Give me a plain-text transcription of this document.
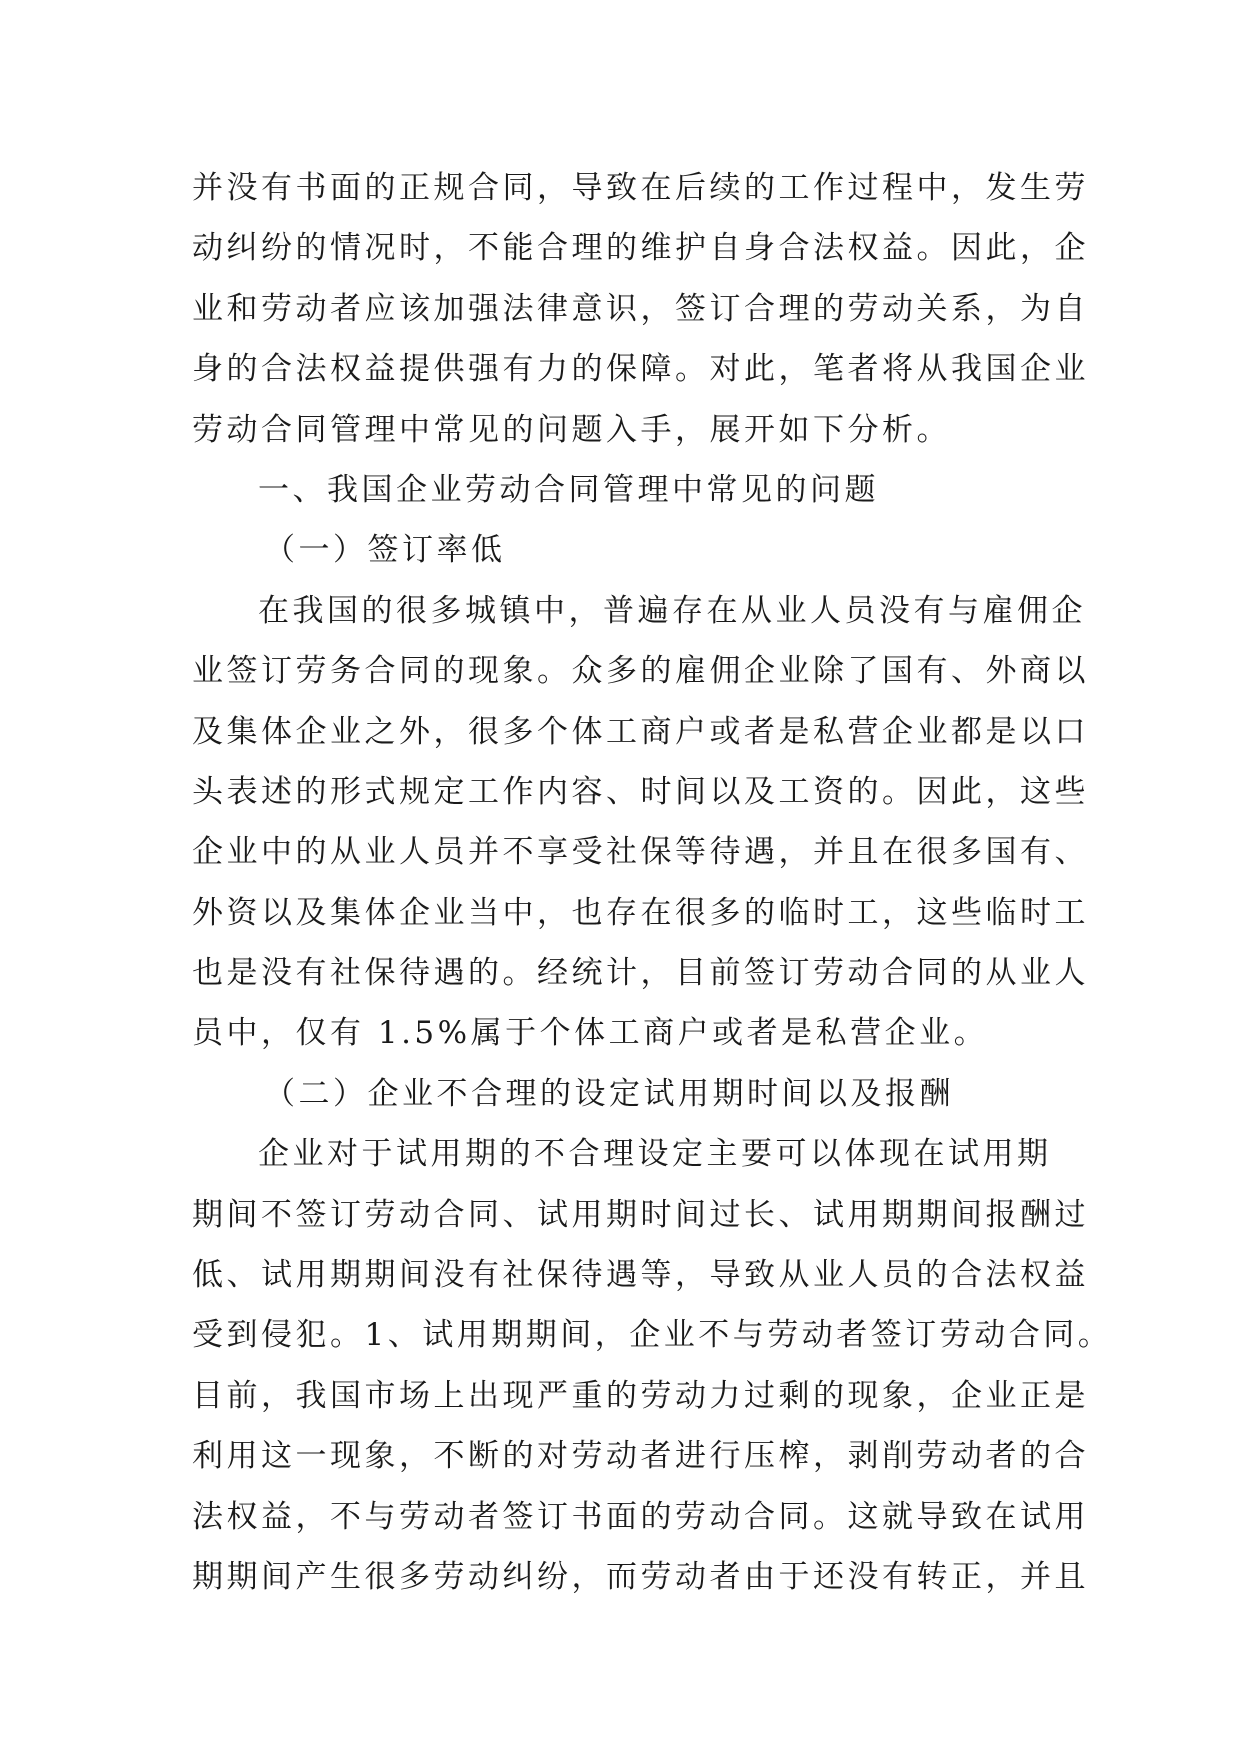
并没有书面的正规合同，导致在后续的工作过程中，发生劳
动纠纷的情况时，不能合理的维护自身合法权益。因此，企
业和劳动者应该加强法律意识，签订合理的劳动关系，为自
身的合法权益提供强有力的保障。对此，笔者将从我国企业
劳动合同管理中常见的问题入手，展开如下分析。
一、我国企业劳动合同管理中常见的问题
（一）签订率低
在我国的很多城镇中，普遍存在从业人员没有与雇佣企
业签订劳务合同的现象。众多的雇佣企业除了国有、外商以
及集体企业之外，很多个体工商户或者是私营企业都是以口
头表述的形式规定工作内容、时间以及工资的。因此，这些
企业中的从业人员并不享受社保等待遇，并且在很多国有、
外资以及集体企业当中，也存在很多的临时工，这些临时工
也是没有社保待遇的。经统计，目前签订劳动合同的从业人
员中，仅有 1.5%属于个体工商户或者是私营企业。
（二）企业不合理的设定试用期时间以及报酬
企业对于试用期的不合理设定主要可以体现在试用期
期间不签订劳动合同、试用期时间过长、试用期期间报酬过
低、试用期期间没有社保待遇等，导致从业人员的合法权益
受到侵犯。1、试用期期间，企业不与劳动者签订劳动合同。
目前，我国市场上出现严重的劳动力过剩的现象，企业正是
利用这一现象，不断的对劳动者进行压榨，剥削劳动者的合
法权益，不与劳动者签订书面的劳动合同。这就导致在试用
期期间产生很多劳动纠纷，而劳动者由于还没有转正，并且
